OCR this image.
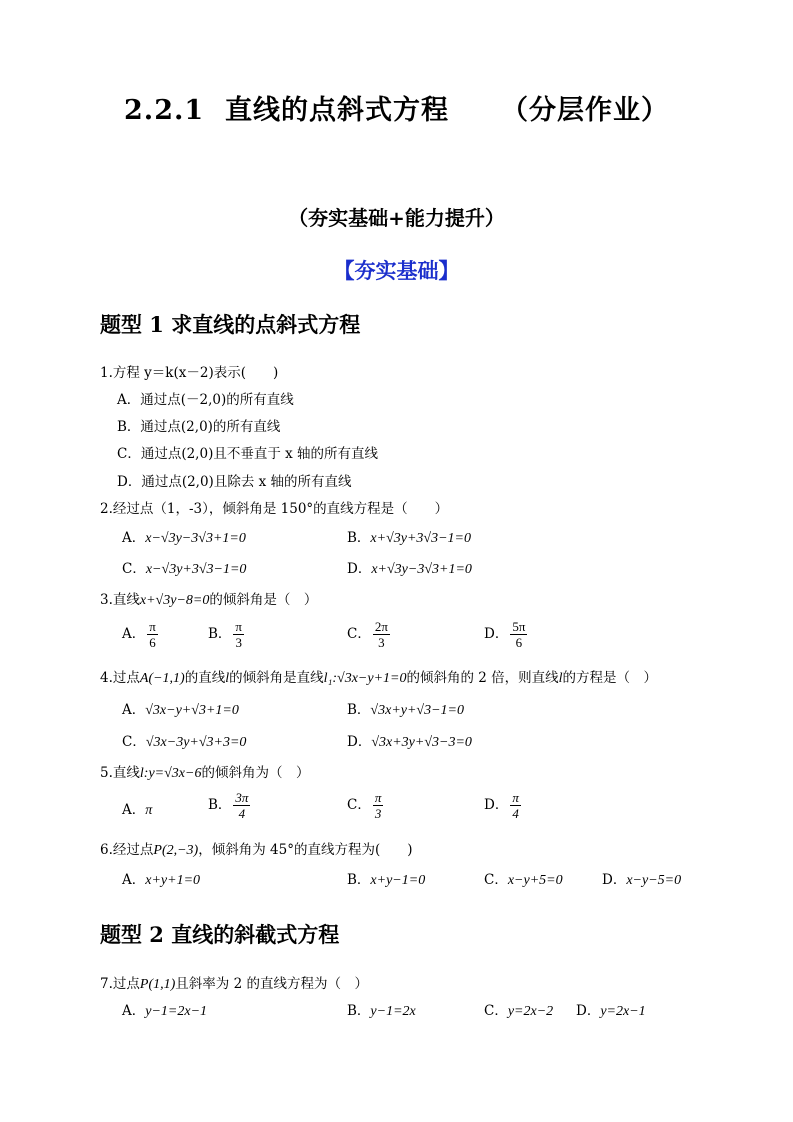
2.2.1  直线的点斜式方程     （分层作业）
（夯实基础+能力提升）
【夯实基础】
题型 1 求直线的点斜式方程
1.方程 y＝k(x－2)表示(　　)
A．通过点(－2,0)的所有直线
B．通过点(2,0)的所有直线
C．通过点(2,0)且不垂直于 x 轴的所有直线
D．通过点(2,0)且除去 x 轴的所有直线
2.经过点（1，-3），倾斜角是 150°的直线方程是（　　）
A．x−√3y−3√3+1=0	B．x+√3y+3√3−1=0
C．x−√3y+3√3−1=0	D．x+√3y−3√3+1=0
3.直线x+√3y−8=0的倾斜角是（　）
A． $\frac{\pi}{6}$	B． $\frac{\pi}{3}$	C． $\frac{2\pi}{3}$	D． $\frac{5\pi}{6}$
4.过点A(−1,1)的直线l的倾斜角是直线l₁:√3x−y+1=0的倾斜角的 2 倍，则直线l的方程是（　）
A．√3x−y+√3+1=0	B．√3x+y+√3−1=0
C．√3x−3y+√3+3=0	D．√3x+3y+√3−3=0
5.直线l:y=√3x−6的倾斜角为（　）
A．π	B． $\frac{3\pi}{4}$	C． $\frac{\pi}{3}$	D． $\frac{\pi}{4}$
6.经过点P(2,−3)，倾斜角为 45°的直线方程为(　　)
A．x+y+1=0	B．x+y−1=0	C．x−y+5=0	D．x−y−5=0
题型 2 直线的斜截式方程
7.过点P(1,1)且斜率为 2 的直线方程为（　）
A．y−1=2x−1	B．y−1=2x	C．y=2x−2 D．y=2x−1
